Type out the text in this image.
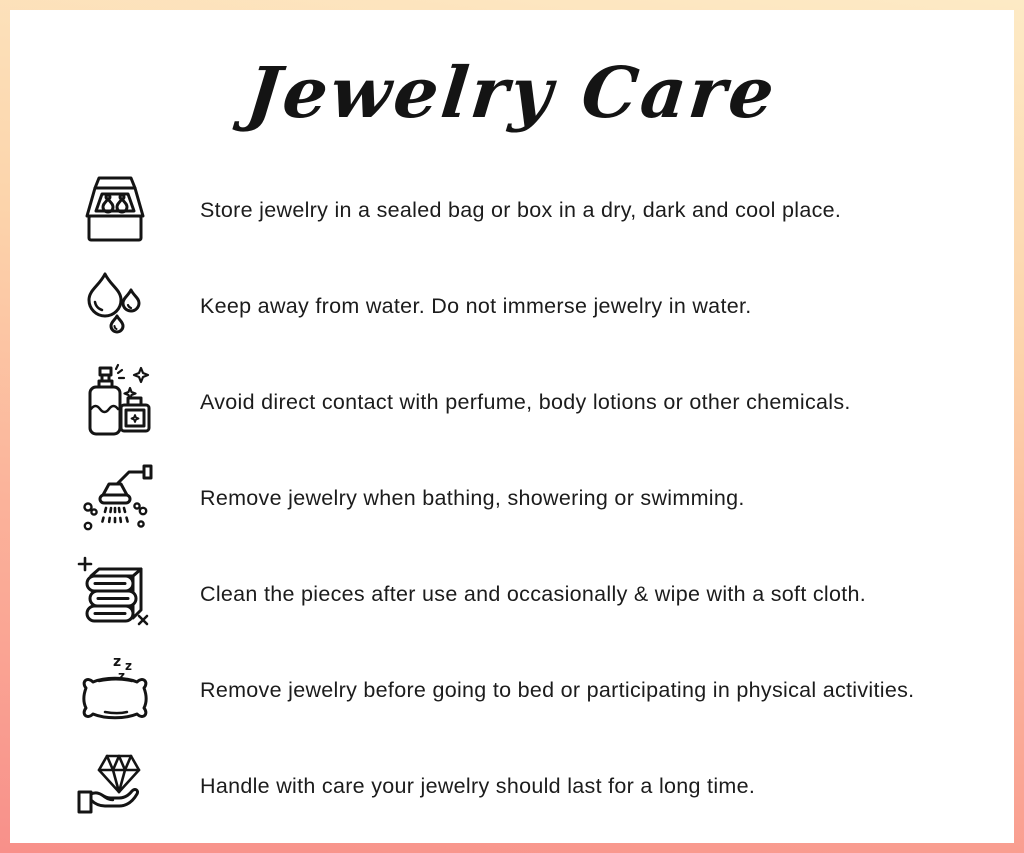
Jewelry Care
Store jewelry in a sealed bag or box in a dry, dark and cool place.
Keep away from water. Do not immerse jewelry in water.
Avoid direct contact with perfume, body lotions or other chemicals.
Remove jewelry when bathing, showering or swimming.
Clean the pieces after use and occasionally & wipe with a soft cloth.
z z
z
Remove jewelry before going to bed or participating in physical activities.
Handle with care your jewelry should last for a long time.
